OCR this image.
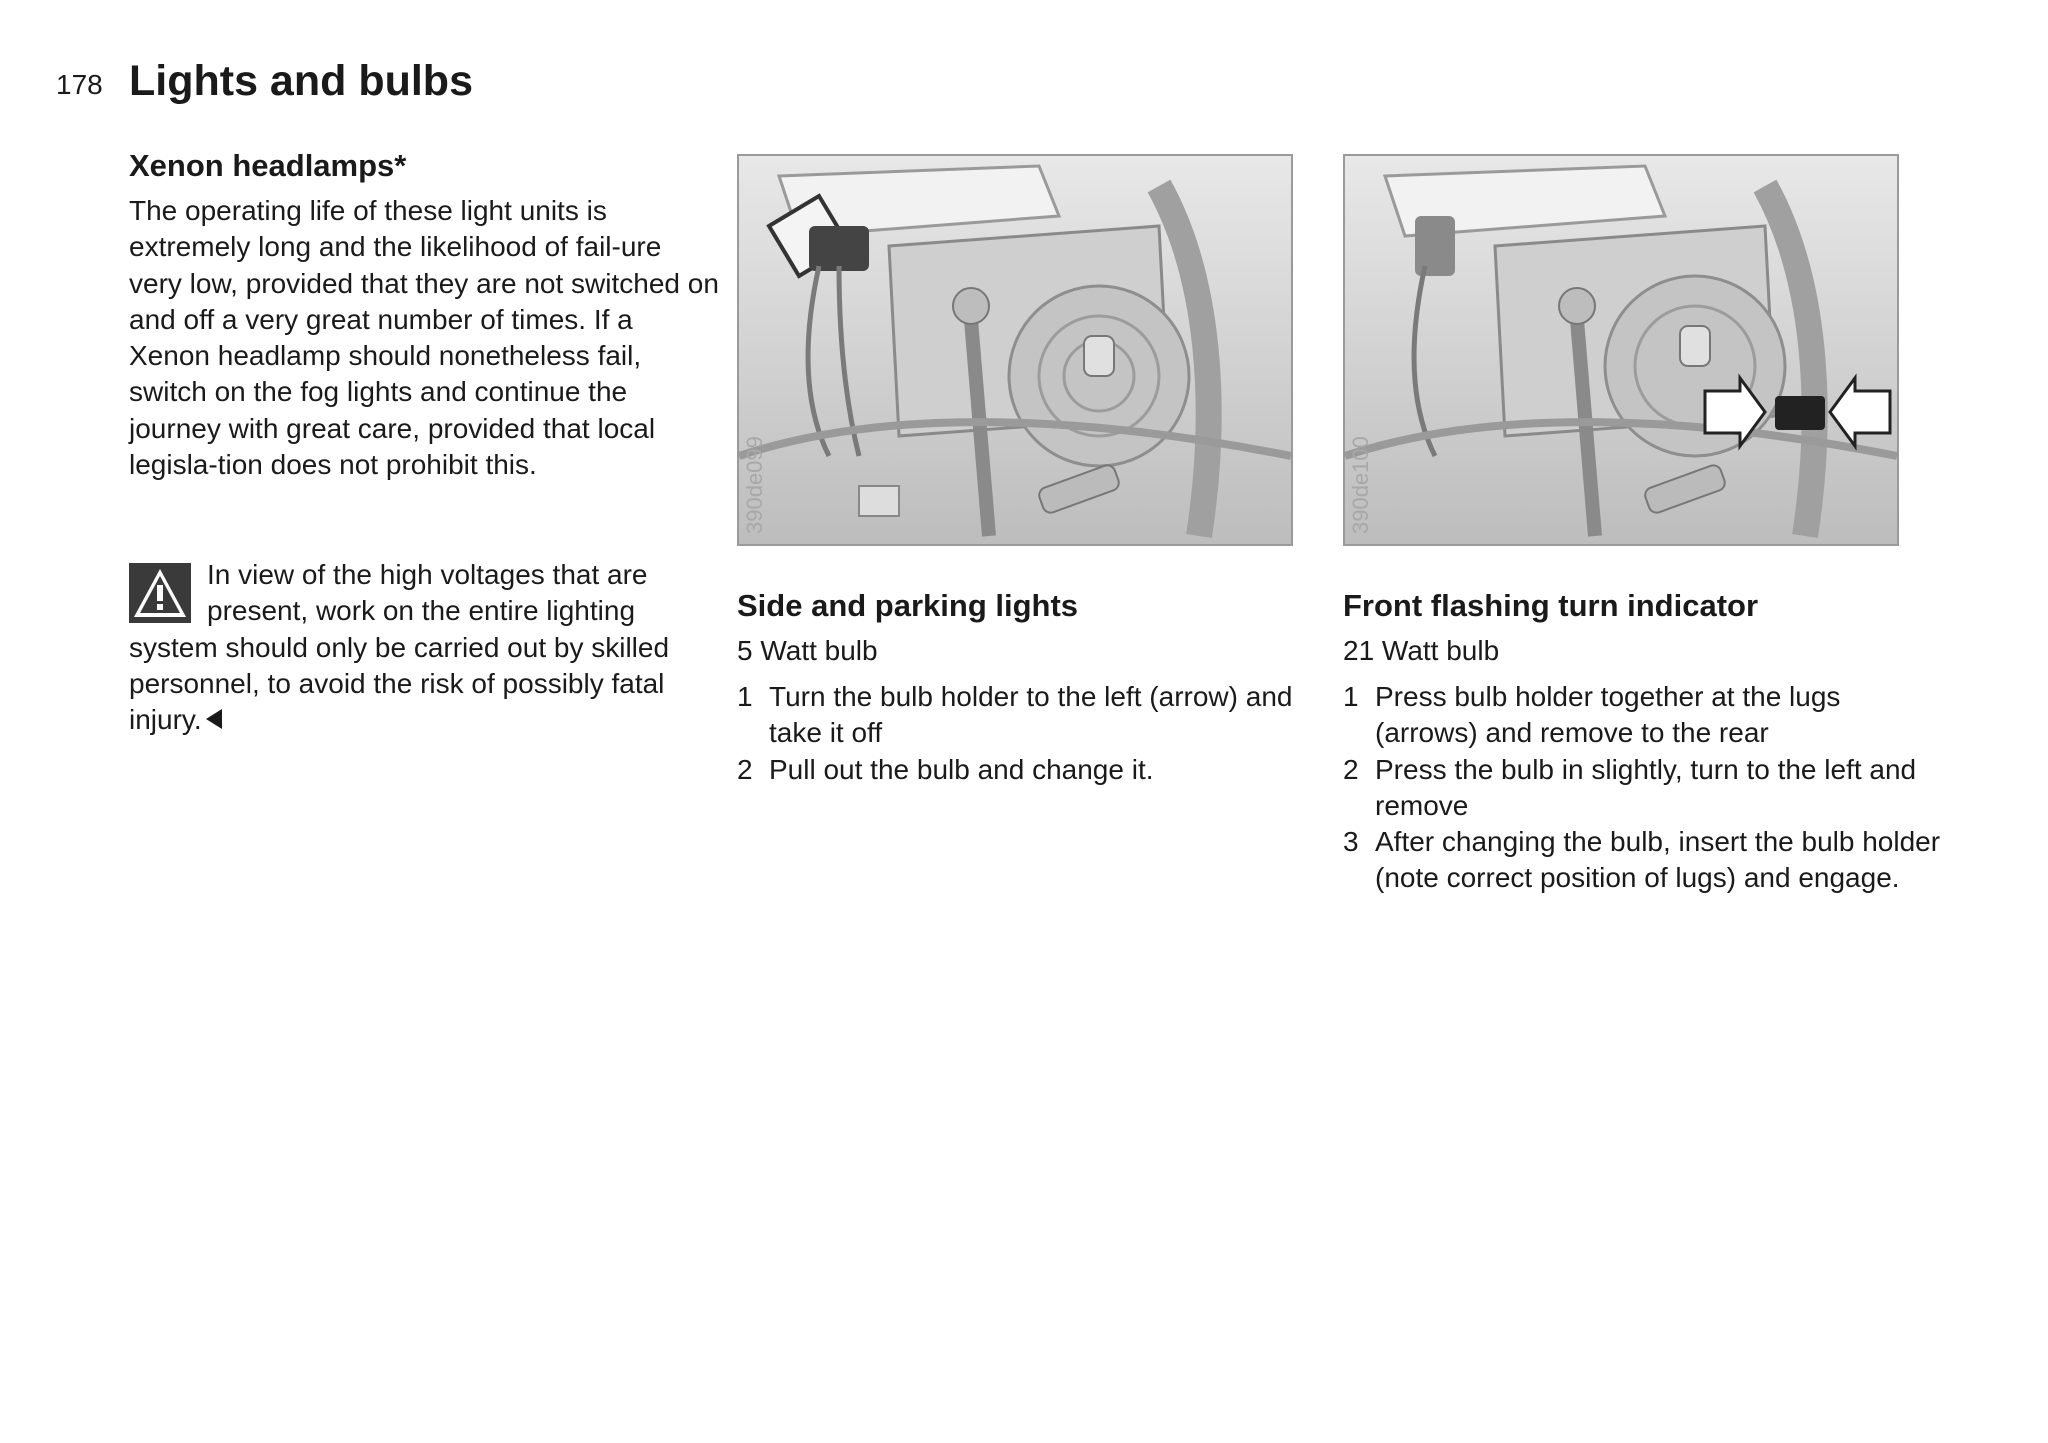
178 Lights and bulbs
Xenon headlamps*

The operating life of these light units is extremely long and the likelihood of fail-ure very low, provided that they are not switched on and off a very great number of times. If a Xenon headlamp should nonetheless fail, switch on the fog lights and continue the journey with great care, provided that local legisla-tion does not prohibit this.

In view of the high voltages that are present, work on the entire lighting system should only be carried out by skilled personnel, to avoid the risk of possibly fatal injury.
390de099
Side and parking lights

5 Watt bulb

1 Turn the bulb holder to the left (arrow) and take it off
2 Pull out the bulb and change it.
390de100
Front flashing turn indicator

21 Watt bulb

1 Press bulb holder together at the lugs (arrows) and remove to the rear
2 Press the bulb in slightly, turn to the left and remove
3 After changing the bulb, insert the bulb holder (note correct position of lugs) and engage.
